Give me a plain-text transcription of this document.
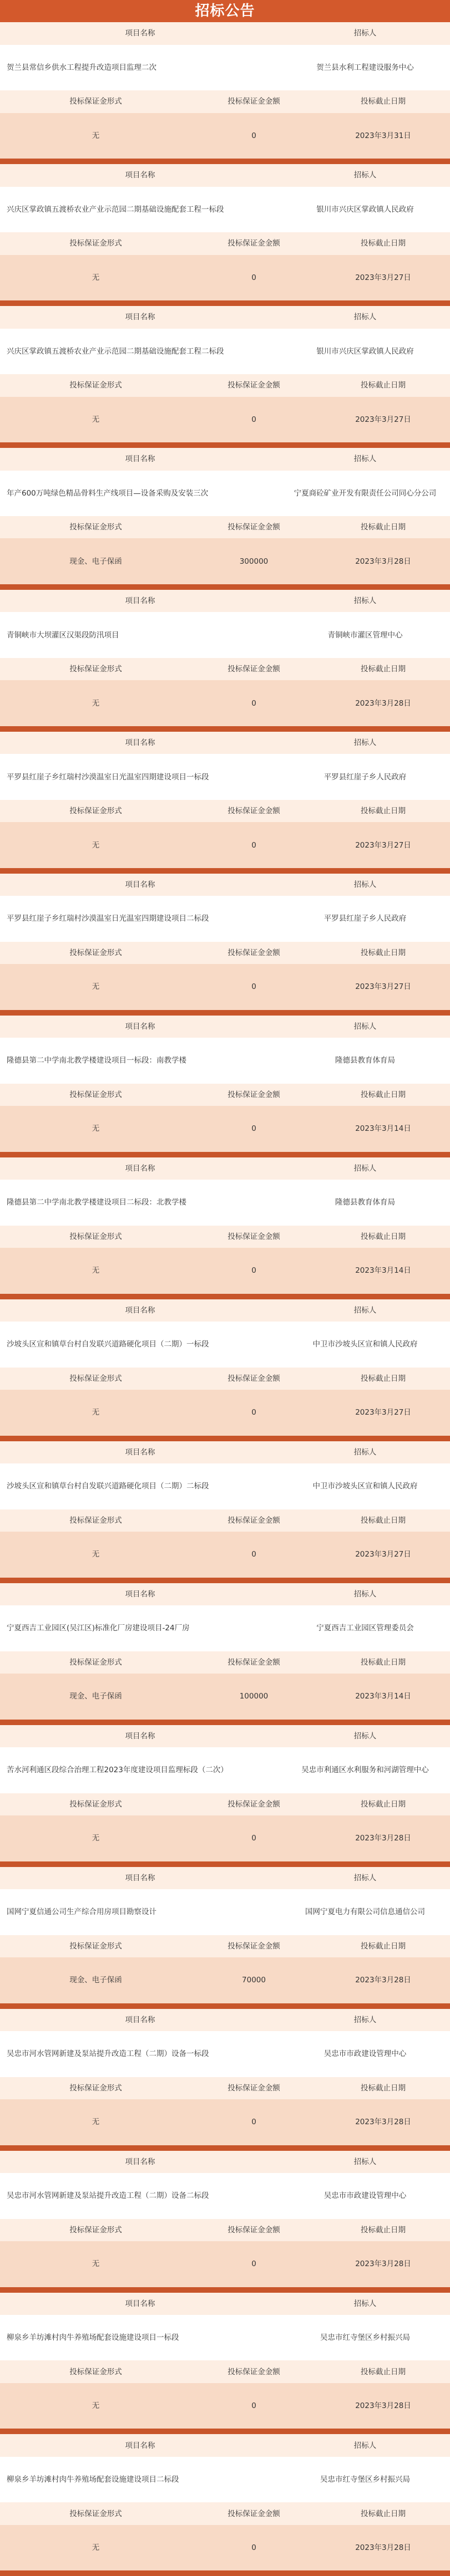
招标公告
项目名称	招标人
贺兰县常信乡供水工程提升改造项目监理二次	贺兰县水利工程建设服务中心
投标保证金形式	投标保证金金额	投标截止日期
无	0	2023年3月31日
项目名称	招标人
兴庆区掌政镇五渡桥农业产业示范园二期基础设施配套工程一标段	银川市兴庆区掌政镇人民政府
投标保证金形式	投标保证金金额	投标截止日期
无	0	2023年3月27日
项目名称	招标人
兴庆区掌政镇五渡桥农业产业示范园二期基础设施配套工程二标段	银川市兴庆区掌政镇人民政府
投标保证金形式	投标保证金金额	投标截止日期
无	0	2023年3月27日
项目名称	招标人
年产600万吨绿色精品骨料生产线项目—设备采购及安装三次	宁夏商砼矿业开发有限责任公司同心分公司
投标保证金形式	投标保证金金额	投标截止日期
现金、电子保函	300000	2023年3月28日
项目名称	招标人
青铜峡市大坝灌区汉渠段防汛项目	青铜峡市灌区管理中心
投标保证金形式	投标保证金金额	投标截止日期
无	0	2023年3月28日
项目名称	招标人
平罗县红崖子乡红瑞村沙漠温室日光温室四期建设项目一标段	平罗县红崖子乡人民政府
投标保证金形式	投标保证金金额	投标截止日期
无	0	2023年3月27日
项目名称	招标人
平罗县红崖子乡红瑞村沙漠温室日光温室四期建设项目二标段	平罗县红崖子乡人民政府
投标保证金形式	投标保证金金额	投标截止日期
无	0	2023年3月27日
项目名称	招标人
隆德县第二中学南北教学楼建设项目一标段：南教学楼	隆德县教育体育局
投标保证金形式	投标保证金金额	投标截止日期
无	0	2023年3月14日
项目名称	招标人
隆德县第二中学南北教学楼建设项目二标段：北教学楼	隆德县教育体育局
投标保证金形式	投标保证金金额	投标截止日期
无	0	2023年3月14日
项目名称	招标人
沙坡头区宣和镇草台村自发联兴道路硬化项目（二期）一标段	中卫市沙坡头区宣和镇人民政府
投标保证金形式	投标保证金金额	投标截止日期
无	0	2023年3月27日
项目名称	招标人
沙坡头区宣和镇草台村自发联兴道路硬化项目（二期）二标段	中卫市沙坡头区宣和镇人民政府
投标保证金形式	投标保证金金额	投标截止日期
无	0	2023年3月27日
项目名称	招标人
宁夏西吉工业园区(吴江区)标准化厂房建设项目-24厂房	宁夏西吉工业园区管理委员会
投标保证金形式	投标保证金金额	投标截止日期
现金、电子保函	100000	2023年3月14日
项目名称	招标人
苦水河利通区段综合治理工程2023年度建设项目监理标段（二次）	吴忠市利通区水利服务和河湖管理中心
投标保证金形式	投标保证金金额	投标截止日期
无	0	2023年3月28日
项目名称	招标人
国网宁夏信通公司生产综合用房项目勘察设计	国网宁夏电力有限公司信息通信公司
投标保证金形式	投标保证金金额	投标截止日期
现金、电子保函	70000	2023年3月28日
项目名称	招标人
吴忠市河水管网新建及泵站提升改造工程（二期）设备一标段	吴忠市市政建设管理中心
投标保证金形式	投标保证金金额	投标截止日期
无	0	2023年3月28日
项目名称	招标人
吴忠市河水管网新建及泵站提升改造工程（二期）设备二标段	吴忠市市政建设管理中心
投标保证金形式	投标保证金金额	投标截止日期
无	0	2023年3月28日
项目名称	招标人
柳泉乡羊坊滩村肉牛养殖场配套设施建设项目一标段	吴忠市红寺堡区乡村振兴局
投标保证金形式	投标保证金金额	投标截止日期
无	0	2023年3月28日
项目名称	招标人
柳泉乡羊坊滩村肉牛养殖场配套设施建设项目二标段	吴忠市红寺堡区乡村振兴局
投标保证金形式	投标保证金金额	投标截止日期
无	0	2023年3月28日
